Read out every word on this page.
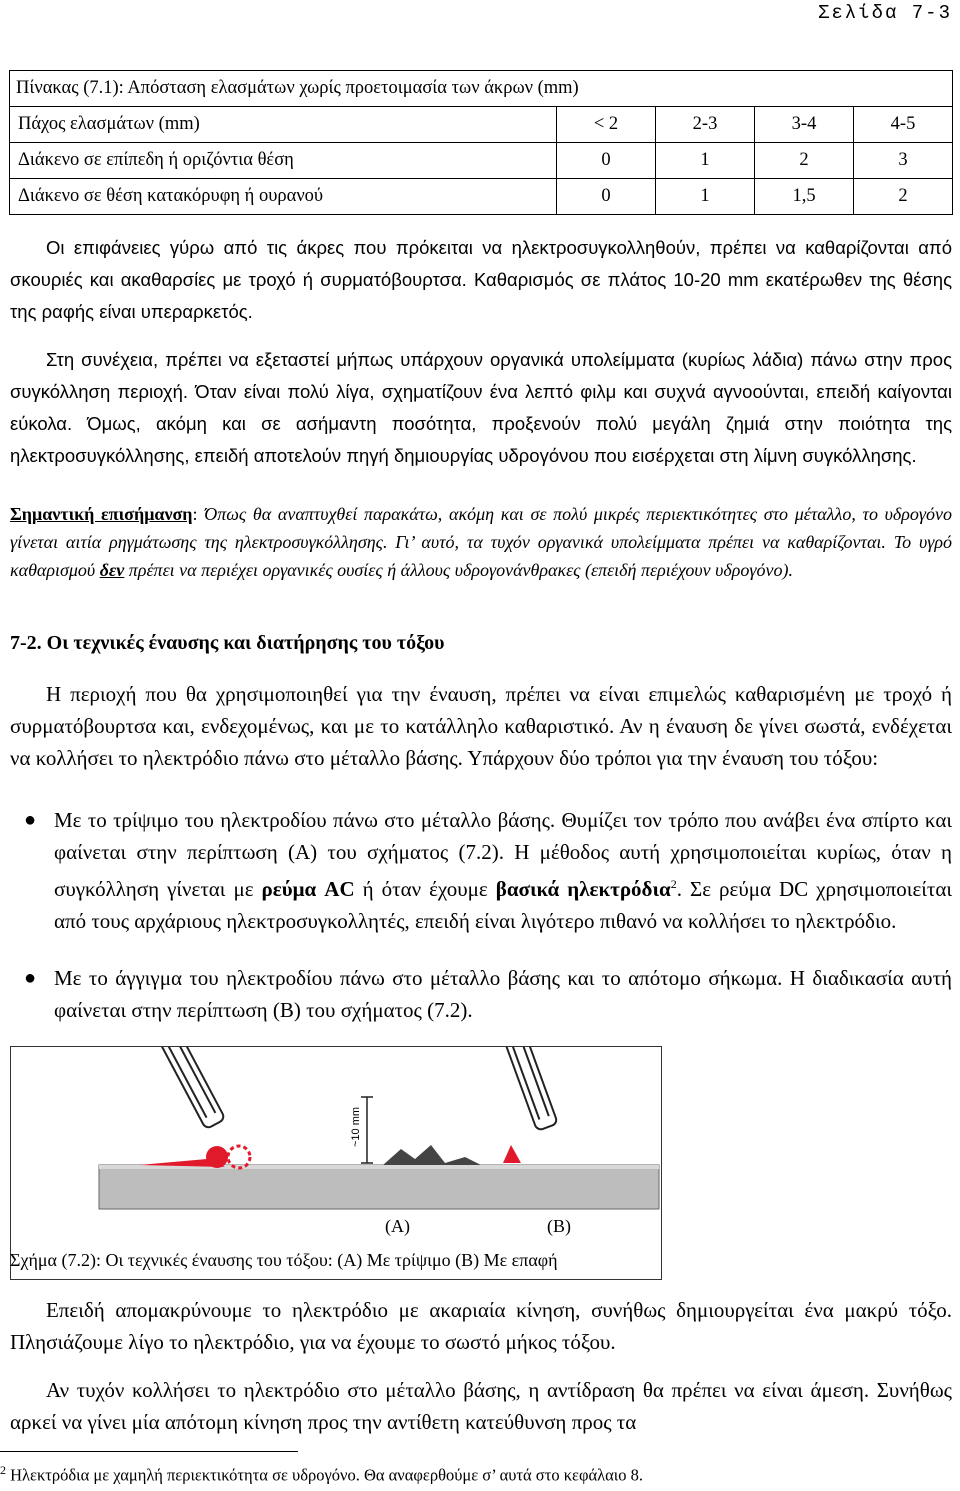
Σελίδα 7-3
Πίνακας (7.1): Απόσταση ελασμάτων χωρίς προετοιμασία των άκρων (mm)				
Πάχος ελασμάτων (mm)	< 2	2-3	3-4	4-5
Διάκενο σε επίπεδη ή οριζόντια θέση	0	1	2	3
Διάκενο σε θέση κατακόρυφη ή ουρανού	0	1	1,5	2

Οι επιφάνειες γύρω από τις άκρες που πρόκειται να ηλεκτροσυγκολληθούν, πρέπει να καθαρίζονται από σκουριές και ακαθαρσίες με τροχό ή συρματόβουρτσα. Καθαρισμός σε πλάτος 10-20 mm εκατέρωθεν της θέσης της ραφής είναι υπεραρκετός.

Στη συνέχεια, πρέπει να εξεταστεί μήπως υπάρχουν οργανικά υπολείμματα (κυρίως λάδια) πάνω στην προς συγκόλληση περιοχή. Όταν είναι πολύ λίγα, σχηματίζουν ένα λεπτό φιλμ και συχνά αγνοούνται, επειδή καίγονται εύκολα. Όμως, ακόμη και σε ασήμαντη ποσότητα, προξενούν πολύ μεγάλη ζημιά στην ποιότητα της ηλεκτροσυγκόλλησης, επειδή αποτελούν πηγή δημιουργίας υδρογόνου που εισέρχεται στη λίμνη συγκόλλησης.

Σημαντική επισήμανση: Όπως θα αναπτυχθεί παρακάτω, ακόμη και σε πολύ μικρές περιεκτικότητες στο μέταλλο, το υδρογόνο γίνεται αιτία ρηγμάτωσης της ηλεκτροσυγκόλλησης. Γι’ αυτό, τα τυχόν οργανικά υπολείμματα πρέπει να καθαρίζονται. Το υγρό καθαρισμού δεν πρέπει να περιέχει οργανικές ουσίες ή άλλους υδρογονάνθρακες (επειδή περιέχουν υδρογόνο).
7-2. Οι τεχνικές έναυσης και διατήρησης του τόξου

Η περιοχή που θα χρησιμοποιηθεί για την έναυση, πρέπει να είναι επιμελώς καθαρισμένη με τροχό ή συρματόβουρτσα και, ενδεχομένως, και με το κατάλληλο καθαριστικό. Αν η έναυση δε γίνει σωστά, ενδέχεται να κολλήσει το ηλεκτρόδιο πάνω στο μέταλλο βάσης. Υπάρχουν δύο τρόποι για την έναυση του τόξου:

● Με το τρίψιμο του ηλεκτροδίου πάνω στο μέταλλο βάσης. Θυμίζει τον τρόπο που ανάβει ένα σπίρτο και φαίνεται στην περίπτωση (Α) του σχήματος (7.2). Η μέθοδος αυτή χρησιμοποιείται κυρίως, όταν η συγκόλληση γίνεται με ρεύμα AC ή όταν έχουμε βασικά ηλεκτρόδια$^2$. Σε ρεύμα DC χρησιμοποιείται από τους αρχάριους ηλεκτροσυγκολλητές, επειδή είναι λιγότερο πιθανό να κολλήσει το ηλεκτρόδιο.
● Με το άγγιγμα του ηλεκτροδίου πάνω στο μέταλλο βάσης και το απότομο σήκωμα. Η διαδικασία αυτή φαίνεται στην περίπτωση (Β) του σχήματος (7.2).
~10 mm
(Α)	(Β)
Σχήμα (7.2): Οι τεχνικές έναυσης του τόξου: (Α) Με τρίψιμο (Β) Με επαφή

Επειδή απομακρύνουμε το ηλεκτρόδιο με ακαριαία κίνηση, συνήθως δημιουργείται ένα μακρύ τόξο. Πλησιάζουμε λίγο το ηλεκτρόδιο, για να έχουμε το σωστό μήκος τόξου.

Αν τυχόν κολλήσει το ηλεκτρόδιο στο μέταλλο βάσης, η αντίδραση θα πρέπει να είναι άμεση. Συνήθως αρκεί να γίνει μία απότομη κίνηση προς την αντίθετη κατεύθυνση προς τα

$^2$ Ηλεκτρόδια με χαμηλή περιεκτικότητα σε υδρογόνο. Θα αναφερθούμε σ’ αυτά στο κεφάλαιο 8.
